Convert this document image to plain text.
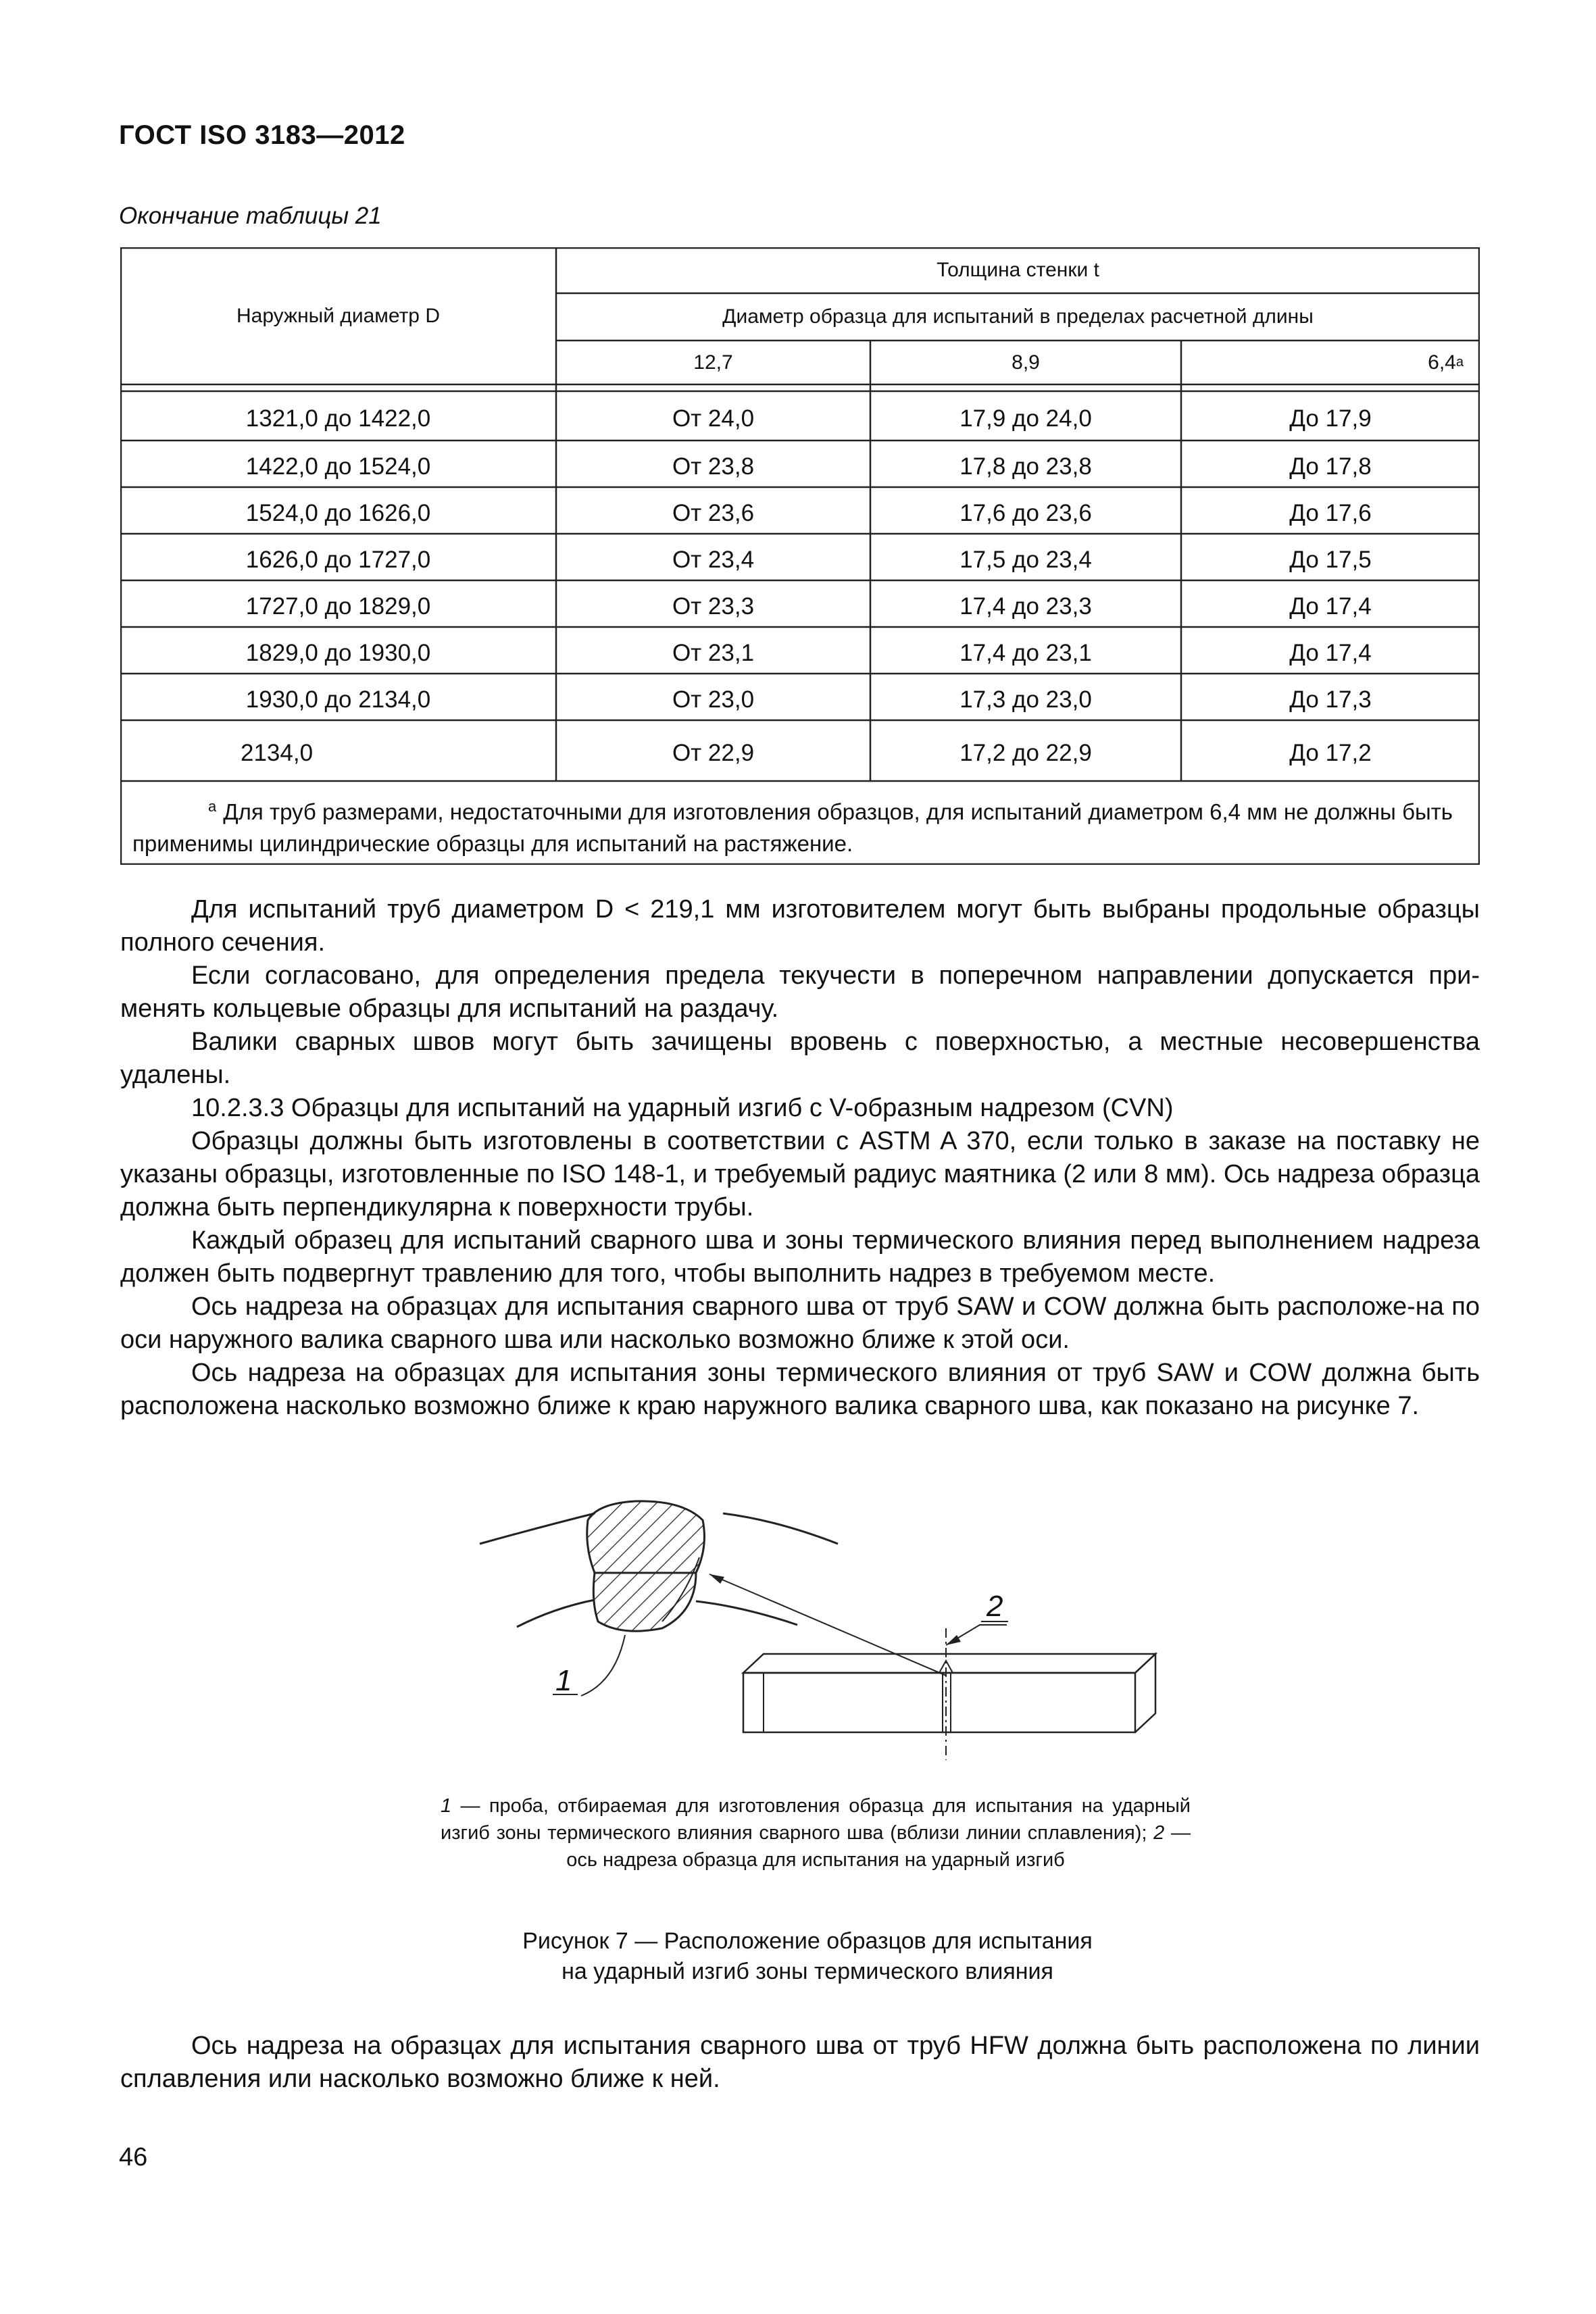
ГОСТ ISO 3183—2012
Окончание таблицы 21
Наружный диаметр D
Толщина стенки t
Диаметр образца для испытаний в пределах расчетной длины
12,7	8,9	6,4 a
1321,0 до 1422,0	От 24,0	17,9 до 24,0	До 17,9
1422,0 до 1524,0	От 23,8	17,8 до 23,8	До 17,8
1524,0 до 1626,0	От 23,6	17,6 до 23,6	До 17,6
1626,0 до 1727,0	От 23,4	17,5 до 23,4	До 17,5
1727,0 до 1829,0	От 23,3	17,4 до 23,3	До 17,4
1829,0 до 1930,0	От 23,1	17,4 до 23,1	До 17,4
1930,0 до 2134,0	От 23,0	17,3 до 23,0	До 17,3
2134,0	От 22,9	17,2 до 22,9	До 17,2
$^a$ Для труб размерами, недостаточными для изготовления образцов, для испытаний диаметром 6,4 мм не должны быть применимы цилиндрические образцы для испытаний на растяжение.

Для испытаний труб диаметром D < 219,1 мм изготовителем могут быть выбраны продольные образцы полного сечения.

Если согласовано, для определения предела текучести в поперечном направлении допускается при-менять кольцевые образцы для испытаний на раздачу.

Валики сварных швов могут быть зачищены вровень с поверхностью, а местные несовершенства удалены.

10.2.3.3 Образцы для испытаний на ударный изгиб с V-образным надрезом (CVN)

Образцы должны быть изготовлены в соответствии с ASTM A 370, если только в заказе на поставку не указаны образцы, изготовленные по ISO 148-1, и требуемый радиус маятника (2 или 8 мм). Ось надреза образца должна быть перпендикулярна к поверхности трубы.

Каждый образец для испытаний сварного шва и зоны термического влияния перед выполнением надреза должен быть подвергнут травлению для того, чтобы выполнить надрез в требуемом месте.

Ось надреза на образцах для испытания сварного шва от труб SAW и COW должна быть расположе-на по оси наружного валика сварного шва или насколько возможно ближе к этой оси.

Ось надреза на образцах для испытания зоны термического влияния от труб SAW и COW должна быть расположена насколько возможно ближе к краю наружного валика сварного шва, как показано на рисунке 7.

1
2
1 — проба, отбираемая для изготовления образца для испытания на ударный изгиб зоны термического влияния сварного шва (вблизи линии сплавления); 2 — ось надреза образца для испытания на ударный изгиб
Рисунок 7 — Расположение образцов для испытания
на ударный изгиб зоны термического влияния

Ось надреза на образцах для испытания сварного шва от труб HFW должна быть расположена по линии сплавления или насколько возможно ближе к ней.

46
